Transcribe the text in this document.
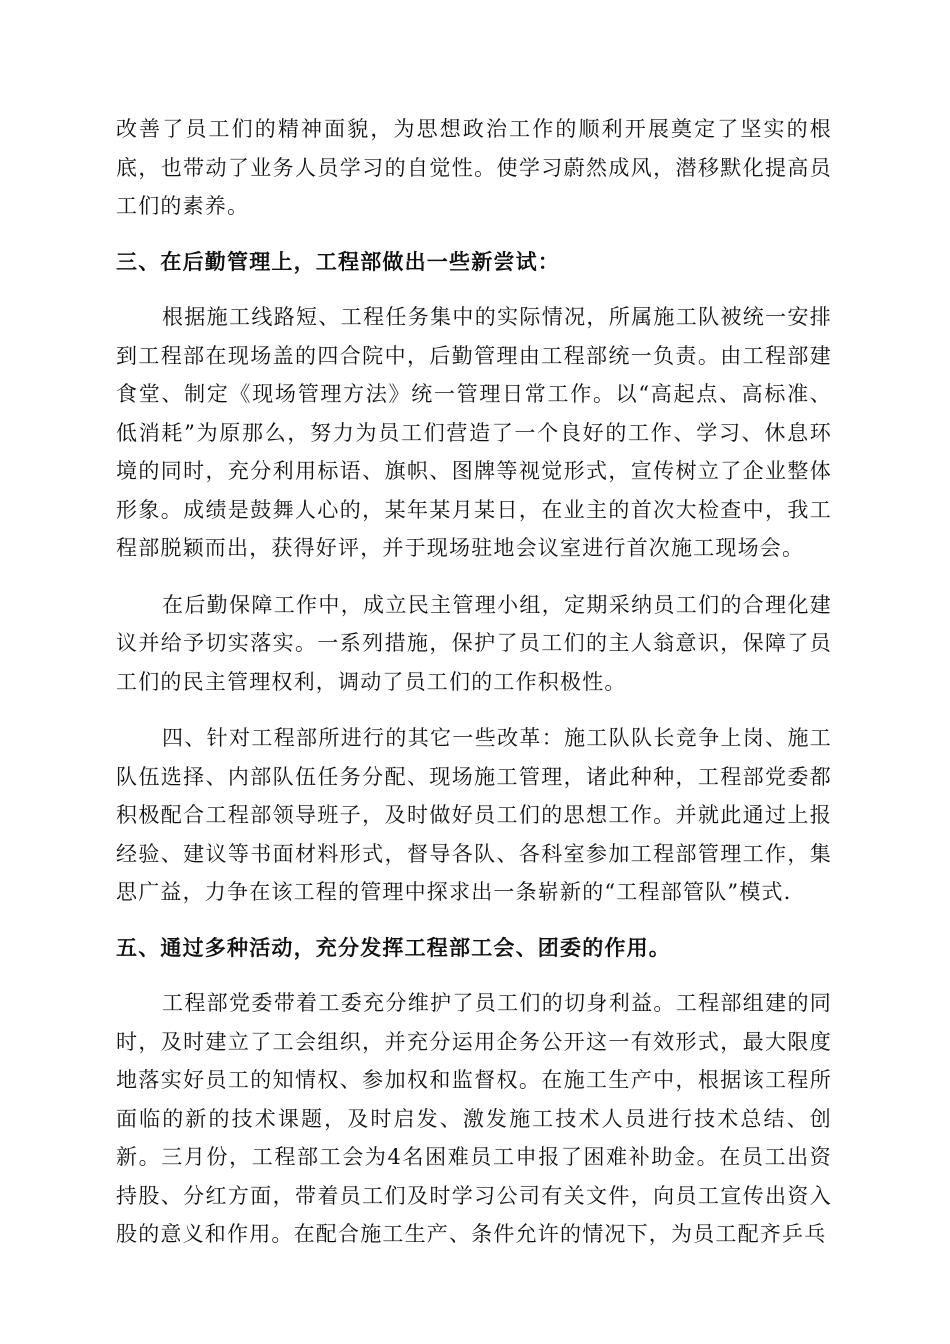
改善了员工们的精神面貌，为思想政治工作的顺利开展奠定了坚实的根底，也带动了业务人员学习的自觉性。使学习蔚然成风，潜移默化提高员工们的素养。

三、在后勤管理上，工程部做出一些新尝试：

根据施工线路短、工程任务集中的实际情况，所属施工队被统一安排到工程部在现场盖的四合院中，后勤管理由工程部统一负责。由工程部建食堂、制定《现场管理方法》统一管理日常工作。以“高起点、高标准、低消耗”为原那么，努力为员工们营造了一个良好的工作、学习、休息环境的同时，充分利用标语、旗帜、图牌等视觉形式，宣传树立了企业整体形象。成绩是鼓舞人心的，某年某月某日，在业主的首次大检查中，我工程部脱颖而出，获得好评，并于现场驻地会议室进行首次施工现场会。

在后勤保障工作中，成立民主管理小组，定期采纳员工们的合理化建议并给予切实落实。一系列措施，保护了员工们的主人翁意识，保障了员工们的民主管理权利，调动了员工们的工作积极性。

四、针对工程部所进行的其它一些改革：施工队队长竞争上岗、施工队伍选择、内部队伍任务分配、现场施工管理，诸此种种，工程部党委都积极配合工程部领导班子，及时做好员工们的思想工作。并就此通过上报经验、建议等书面材料形式，督导各队、各科室参加工程部管理工作，集思广益，力争在该工程的管理中探求出一条崭新的“工程部管队”模式.

五、通过多种活动，充分发挥工程部工会、团委的作用。

工程部党委带着工委充分维护了员工们的切身利益。工程部组建的同时，及时建立了工会组织，并充分运用企务公开这一有效形式，最大限度地落实好员工的知情权、参加权和监督权。在施工生产中，根据该工程所面临的新的技术课题，及时启发、激发施工技术人员进行技术总结、创新。三月份，工程部工会为4名困难员工申报了困难补助金。在员工出资持股、分红方面，带着员工们及时学习公司有关文件，向员工宣传出资入股的意义和作用。在配合施工生产、条件允许的情况下，为员工配齐乒乓
